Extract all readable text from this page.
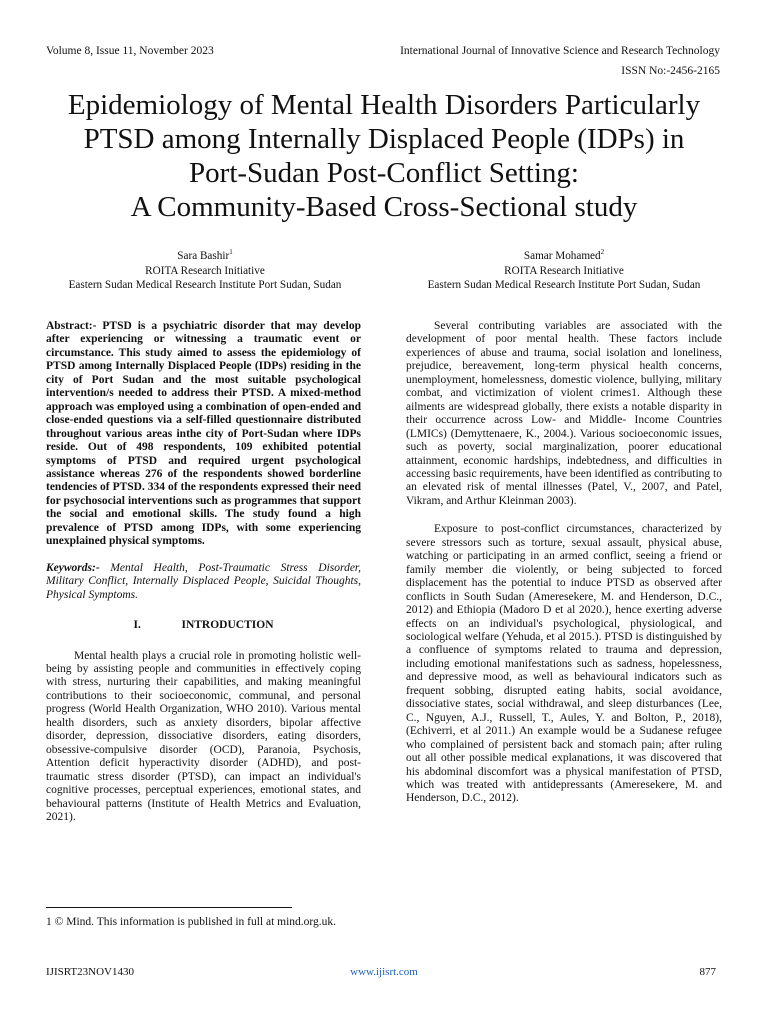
Volume 8, Issue 11, November 2023	International Journal of Innovative Science and Research Technology
ISSN No:-2456-2165
Epidemiology of Mental Health Disorders Particularly
PTSD among Internally Displaced People (IDPs) in
Port-Sudan Post-Conflict Setting:
A Community-Based Cross-Sectional study
Sara Bashir$^1$
ROITA Research Initiative
Eastern Sudan Medical Research Institute Port Sudan, Sudan
Samar Mohamed$^2$
ROITA Research Initiative
Eastern Sudan Medical Research Institute Port Sudan, Sudan

Abstract:- PTSD is a psychiatric disorder that may develop after experiencing or witnessing a traumatic event or circumstance. This study aimed to assess the epidemiology of PTSD among Internally Displaced People (IDPs) residing in the city of Port Sudan and the most suitable psychological intervention/s needed to address their PTSD. A mixed-method approach was employed using a combination of open-ended and close-ended questions via a self-filled questionnaire distributed throughout various areas inthe city of Port-Sudan where IDPs reside. Out of 498 respondents, 109 exhibited potential symptoms of PTSD and required urgent psychological assistance whereas 276 of the respondents showed borderline tendencies of PTSD. 334 of the respondents expressed their need for psychosocial interventions such as programmes that support the social and emotional skills. The study found a high prevalence of PTSD among IDPs, with some experiencing unexplained physical symptoms.

Keywords:- Mental Health, Post-Traumatic Stress Disorder, Military Conflict, Internally Displaced People, Suicidal Thoughts, Physical Symptoms.

I.	INTRODUCTION

Mental health plays a crucial role in promoting holistic well-being by assisting people and communities in effectively coping with stress, nurturing their capabilities, and making meaningful contributions to their socioeconomic, communal, and personal progress (World Health Organization, WHO 2010). Various mental health disorders, such as anxiety disorders, bipolar affective disorder, depression, dissociative disorders, eating disorders, obsessive-compulsive disorder (OCD), Paranoia, Psychosis, Attention deficit hyperactivity disorder (ADHD), and post-traumatic stress disorder (PTSD), can impact an individual's cognitive processes, perceptual experiences, emotional states, and behavioural patterns (Institute of Health Metrics and Evaluation, 2021).

Several contributing variables are associated with the development of poor mental health. These factors include experiences of abuse and trauma, social isolation and loneliness, prejudice, bereavement, long-term physical health concerns, unemployment, homelessness, domestic violence, bullying, military combat, and victimization of violent crimes1. Although these ailments are widespread globally, there exists a notable disparity in their occurrence across Low- and Middle- Income Countries (LMICs) (Demyttenaere, K., 2004.). Various socioeconomic issues, such as poverty, social marginalization, poorer educational attainment, economic hardships, indebtedness, and difficulties in accessing basic requirements, have been identified as contributing to an elevated risk of mental illnesses (Patel, V., 2007, and Patel, Vikram, and Arthur Kleinman 2003).

Exposure to post-conflict circumstances, characterized by severe stressors such as torture, sexual assault, physical abuse, watching or participating in an armed conflict, seeing a friend or family member die violently, or being subjected to forced displacement has the potential to induce PTSD as observed after conflicts in South Sudan (Ameresekere, M. and Henderson, D.C., 2012) and Ethiopia (Madoro D et al 2020.), hence exerting adverse effects on an individual's psychological, physiological, and sociological welfare (Yehuda, et al 2015.). PTSD is distinguished by a confluence of symptoms related to trauma and depression, including emotional manifestations such as sadness, hopelessness, and depressive mood, as well as behavioural indicators such as frequent sobbing, disrupted eating habits, social avoidance, dissociative states, social withdrawal, and sleep disturbances (Lee, C., Nguyen, A.J., Russell, T., Aules, Y. and Bolton, P., 2018), (Echiverri, et al 2011.) An example would be a Sudanese refugee who complained of persistent back and stomach pain; after ruling out all other possible medical explanations, it was discovered that his abdominal discomfort was a physical manifestation of PTSD, which was treated with antidepressants (Ameresekere, M. and Henderson, D.C., 2012).

1 © Mind. This information is published in full at mind.org.uk.
IJISRT23NOV1430	www.ijisrt.com	877
